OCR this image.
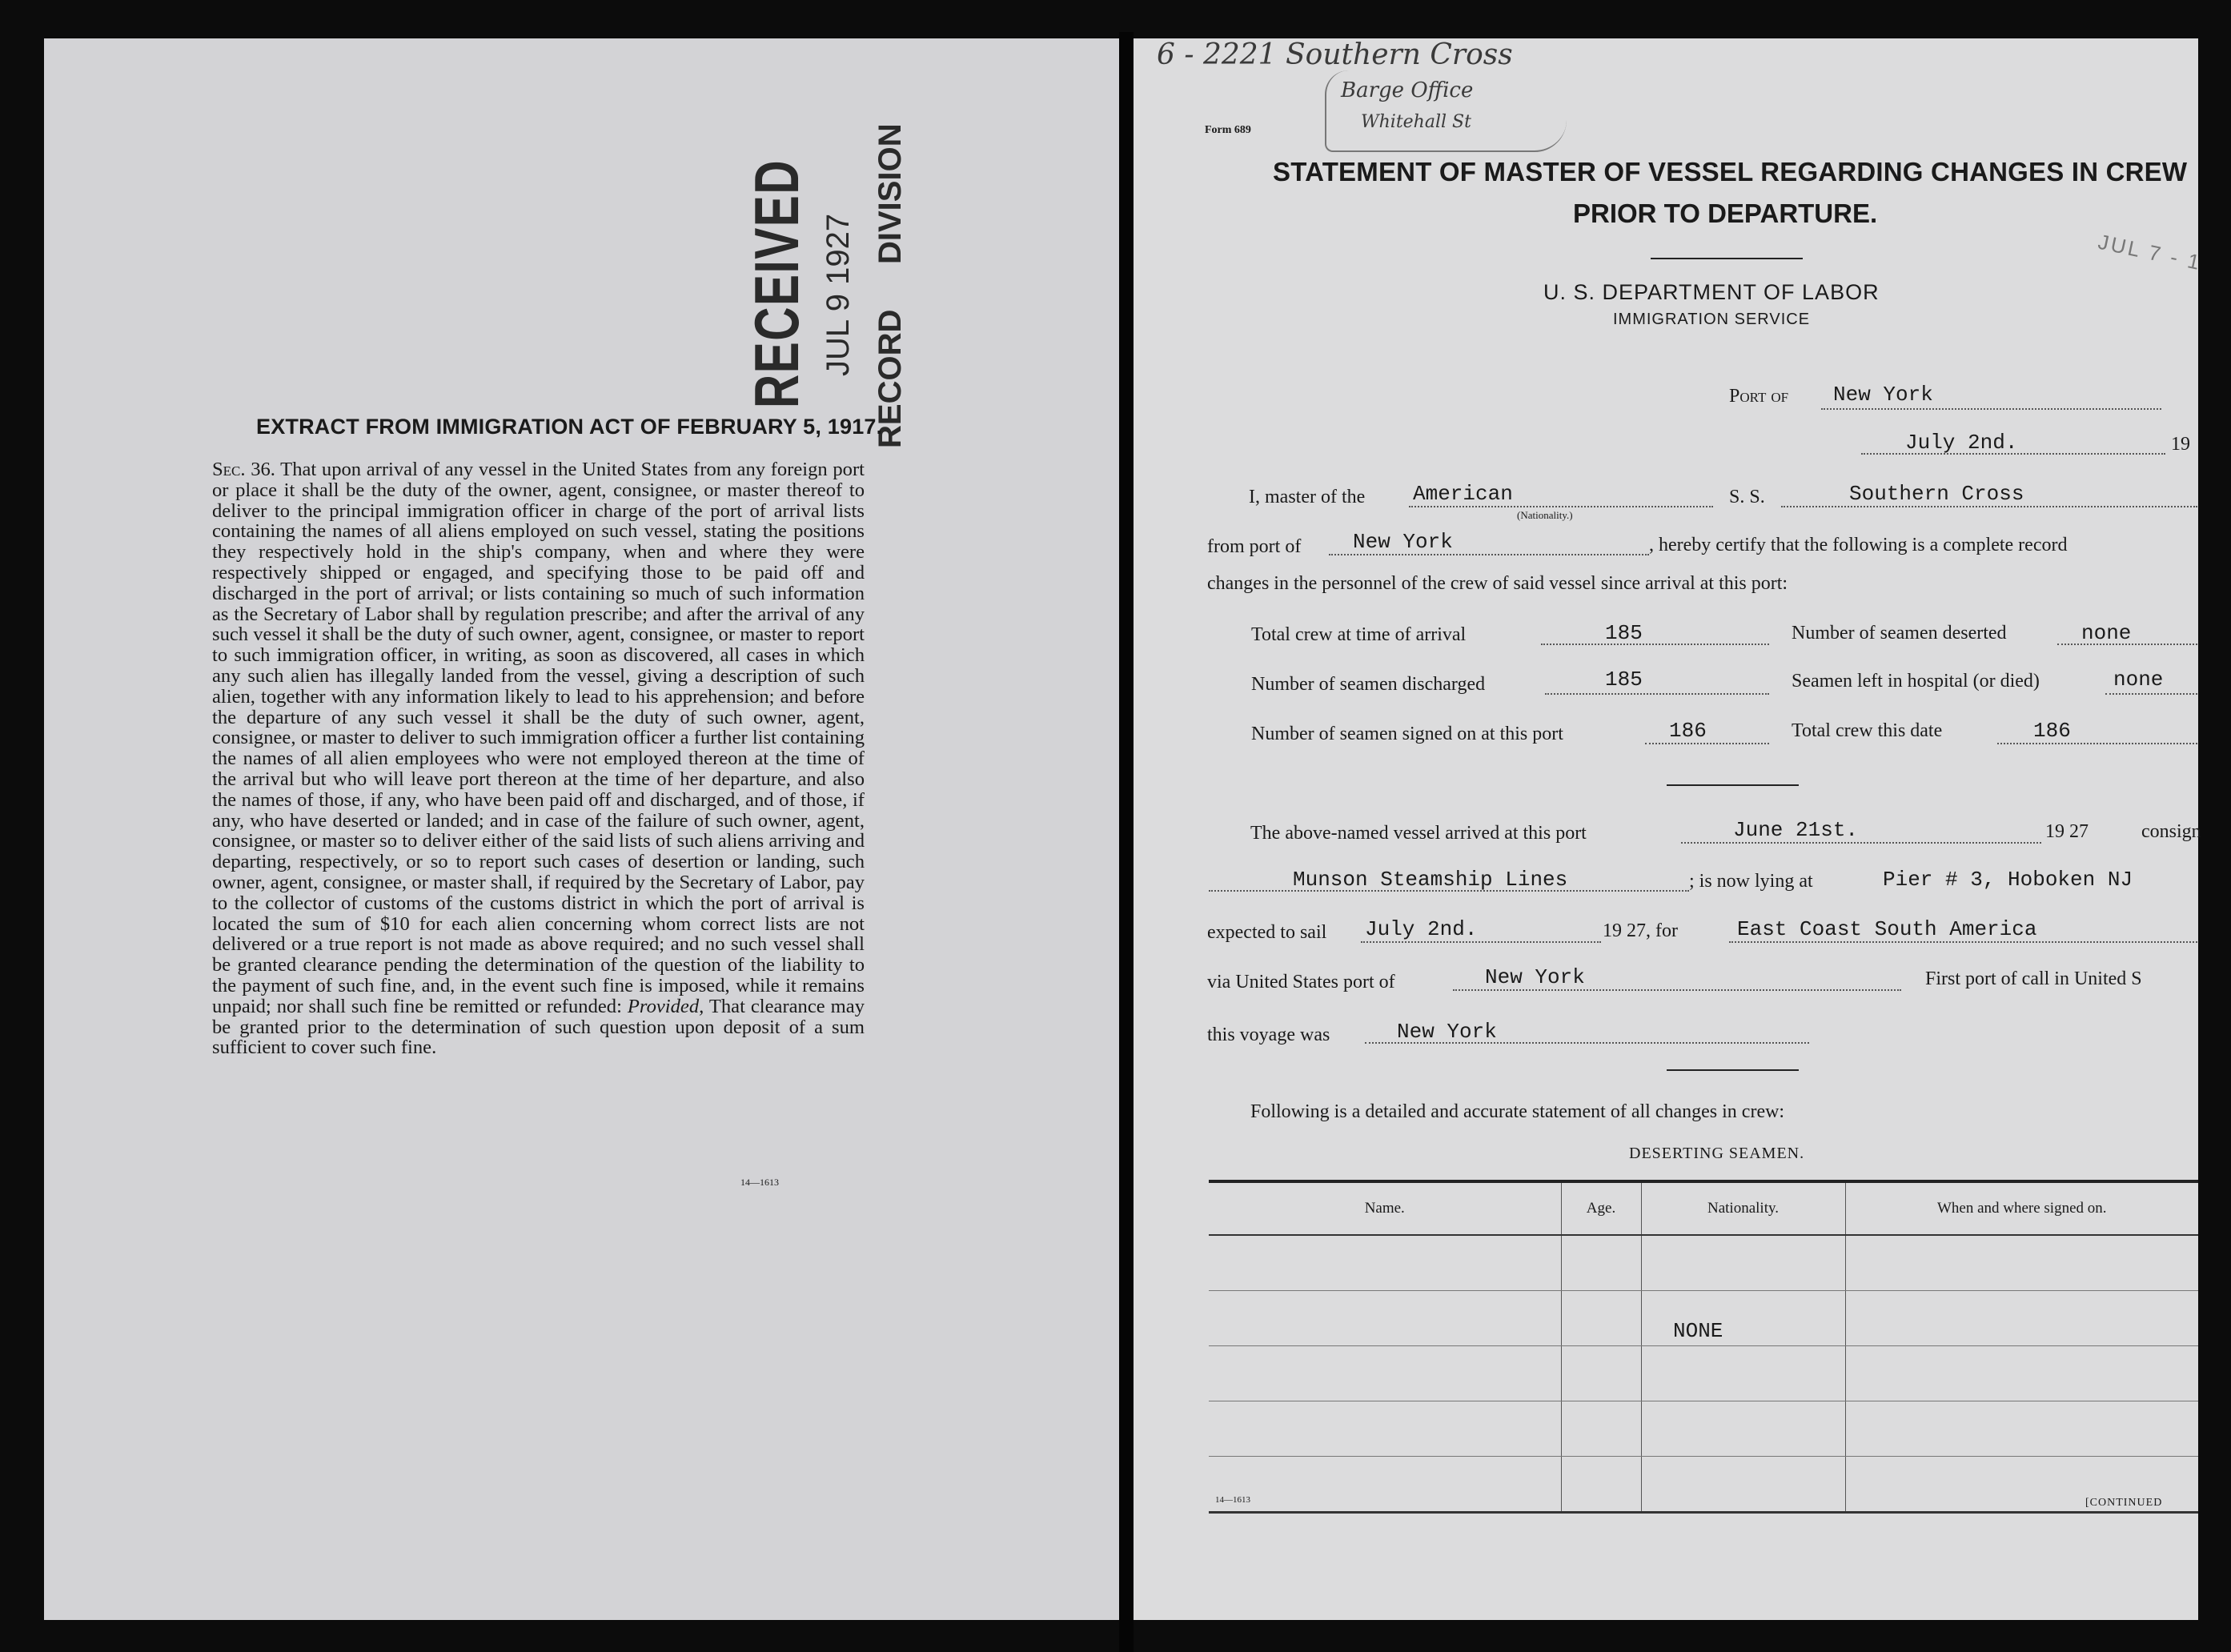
RECEIVED JUL 9 1927
RECORD
DIVISION
EXTRACT FROM IMMIGRATION ACT OF FEBRUARY 5, 1917.
Sec. 36. That upon arrival of any vessel in the United States from any foreign port or place it shall be the duty of the owner, agent, consignee, or master thereof to deliver to the principal immigration officer in charge of the port of arrival lists containing the names of all aliens employed on such vessel, stating the positions they respectively hold in the ship's company, when and where they were respectively shipped or engaged, and specifying those to be paid off and discharged in the port of arrival; or lists containing so much of such information as the Secretary of Labor shall by regulation prescribe; and after the arrival of any such vessel it shall be the duty of such owner, agent, consignee, or master to report to such immigration officer, in writing, as soon as discovered, all cases in which any such alien has illegally landed from the vessel, giving a description of such alien, together with any information likely to lead to his apprehension; and before the departure of any such vessel it shall be the duty of such owner, agent, consignee, or master to deliver to such immigration officer a further list containing the names of all alien employees who were not employed thereon at the time of the arrival but who will leave port thereon at the time of her departure, and also the names of those, if any, who have been paid off and discharged, and of those, if any, who have deserted or landed; and in case of the failure of such owner, agent, consignee, or master so to deliver either of the said lists of such aliens arriving and departing, respectively, or so to report such cases of desertion or landing, such owner, agent, consignee, or master shall, if required by the Secretary of Labor, pay to the collector of customs of the customs district in which the port of arrival is located the sum of $10 for each alien concerning whom correct lists are not delivered or a true report is not made as above required; and no such vessel shall be granted clearance pending the determination of the question of the liability to the payment of such fine, and, in the event such fine is imposed, while it remains unpaid; nor shall such fine be remitted or refunded: Provided, That clearance may be granted prior to the determination of such question upon deposit of a sum sufficient to cover such fine.
14—1613
6 - 2221 Southern Cross
Barge Office
Whitehall St
JUL 7 - 1
Form 689
STATEMENT OF MASTER OF VESSEL REGARDING CHANGES IN CREW
PRIOR TO DEPARTURE.
U. S. DEPARTMENT OF LABOR
IMMIGRATION SERVICE
Port of New York
July 2nd.	19
I, master of the American
(Nationality.)
S. S.	Southern Cross
from port of New York	, hereby certify that the following is a complete record
changes in the personnel of the crew of said vessel since arrival at this port:
Total crew at time of arrival	185	Number of seamen deserted	none
Number of seamen discharged	185	Seamen left in hospital (or died)	none
Number of seamen signed on at this port	186	Total crew this date	186
The above-named vessel arrived at this port	June 21st.	19 27	consign
Munson Steamship Lines	; is now lying at	Pier # 3, Hoboken NJ
expected to sail July 2nd.	19 27, for	East Coast South America
via United States port of	New York	First port of call in United S
this voyage was	New York
Following is a detailed and accurate statement of all changes in crew:
DESERTING SEAMEN.
Name.	Age.	Nationality.	When and where signed on.

NONE
14—1613	[CONTINUED
